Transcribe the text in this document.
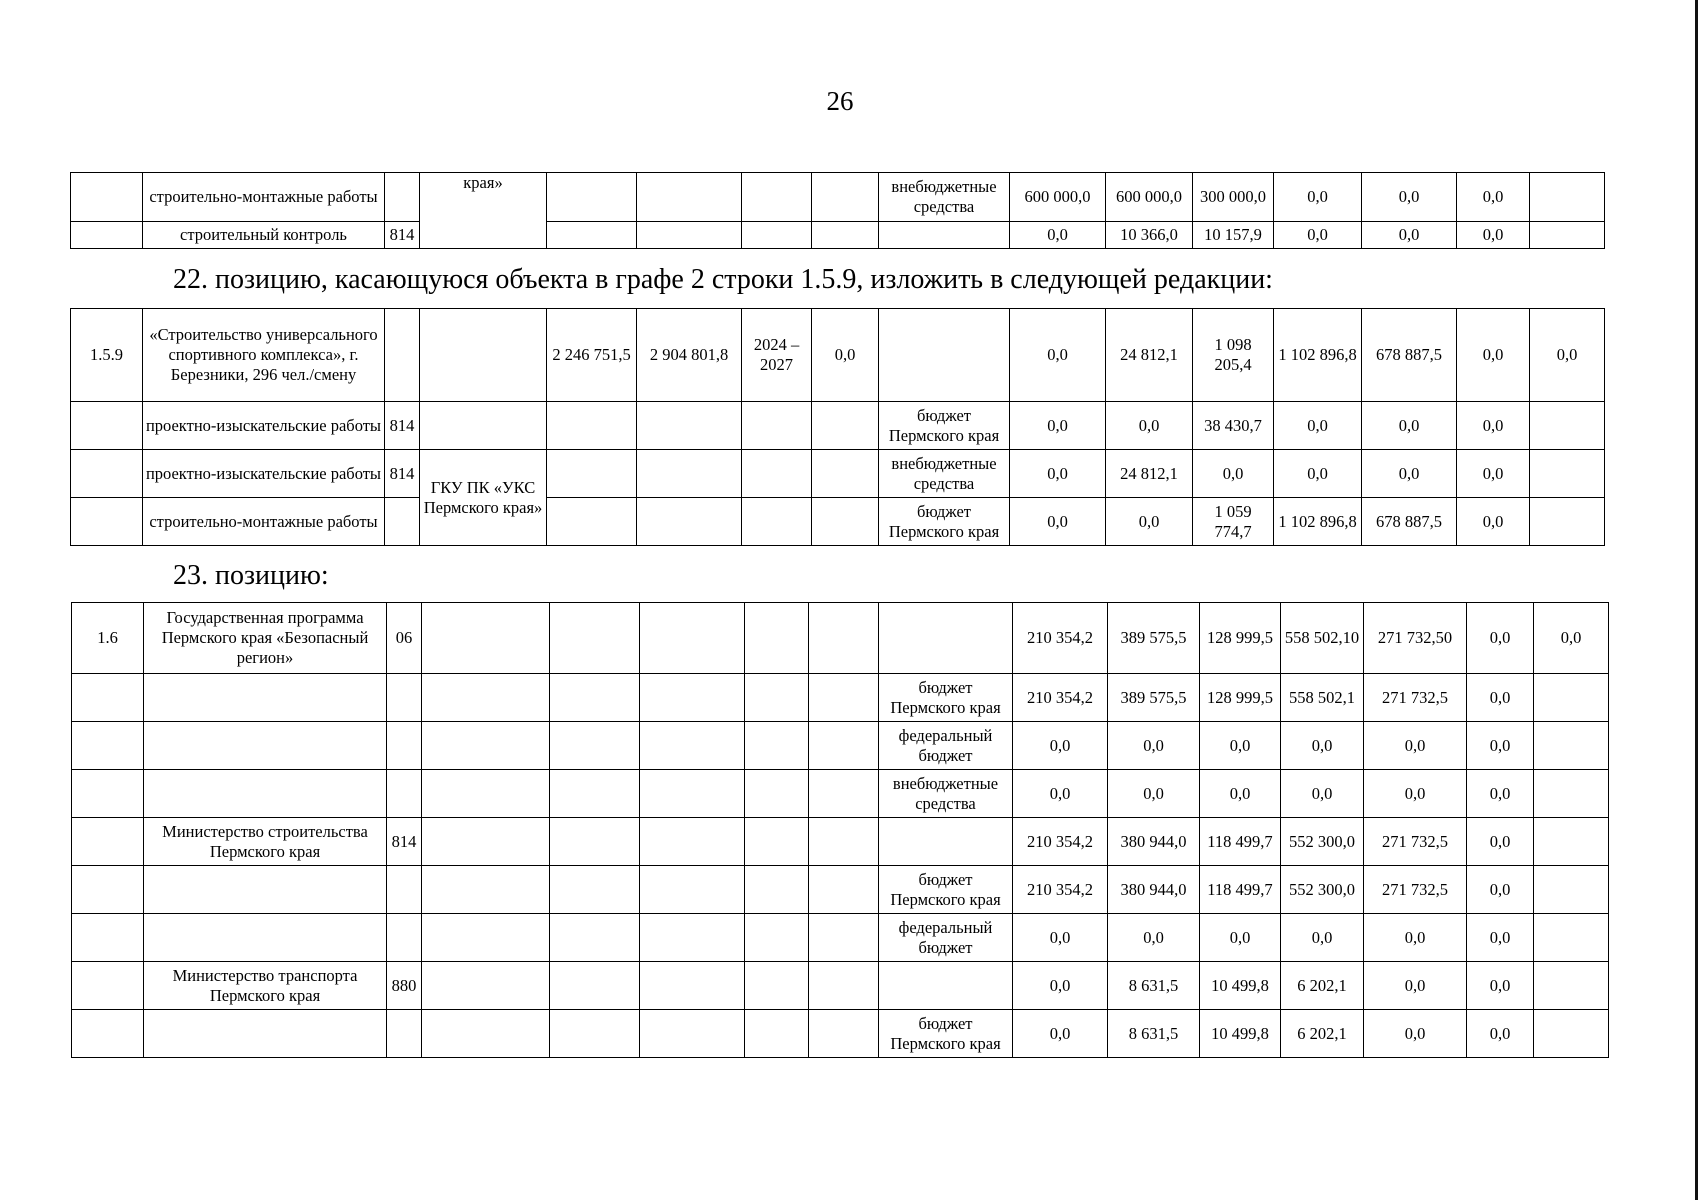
26
	строительно-монтажные работы		края»					внебюджетные средства	600 000,0	600 000,0	300 000,0	0,0	0,0	0,0	
	строительный контроль	814							0,0	10 366,0	10 157,9	0,0	0,0	0,0	
22. позицию, касающуюся объекта в графе 2 строки 1.5.9, изложить в следующей редакции:
1.5.9	«Строительство универсального спортивного комплекса», г. Березники, 296 чел./смену			2 246 751,5	2 904 801,8	2024 – 2027	0,0		0,0	24 812,1	1 098 205,4	1 102 896,8	678 887,5	0,0	0,0
	проектно-изыскательские работы	814						бюджет Пермского края	0,0	0,0	38 430,7	0,0	0,0	0,0	
	проектно-изыскательские работы	814	ГКУ ПК «УКС Пермского края»					внебюджетные средства	0,0	24 812,1	0,0	0,0	0,0	0,0	
	строительно-монтажные работы							бюджет Пермского края	0,0	0,0	1 059 774,7	1 102 896,8	678 887,5	0,0	
23. позицию:
1.6	Государственная программа Пермского края «Безопасный регион»	06							210 354,2	389 575,5	128 999,5	558 502,10	271 732,50	0,0	0,0
								бюджет Пермского края	210 354,2	389 575,5	128 999,5	558 502,1	271 732,5	0,0	
								федеральный бюджет	0,0	0,0	0,0	0,0	0,0	0,0	
								внебюджетные средства	0,0	0,0	0,0	0,0	0,0	0,0	
	Министерство строительства Пермского края	814							210 354,2	380 944,0	118 499,7	552 300,0	271 732,5	0,0	
								бюджет Пермского края	210 354,2	380 944,0	118 499,7	552 300,0	271 732,5	0,0	
								федеральный бюджет	0,0	0,0	0,0	0,0	0,0	0,0	
	Министерство транспорта Пермского края	880							0,0	8 631,5	10 499,8	6 202,1	0,0	0,0	
								бюджет Пермского края	0,0	8 631,5	10 499,8	6 202,1	0,0	0,0	
